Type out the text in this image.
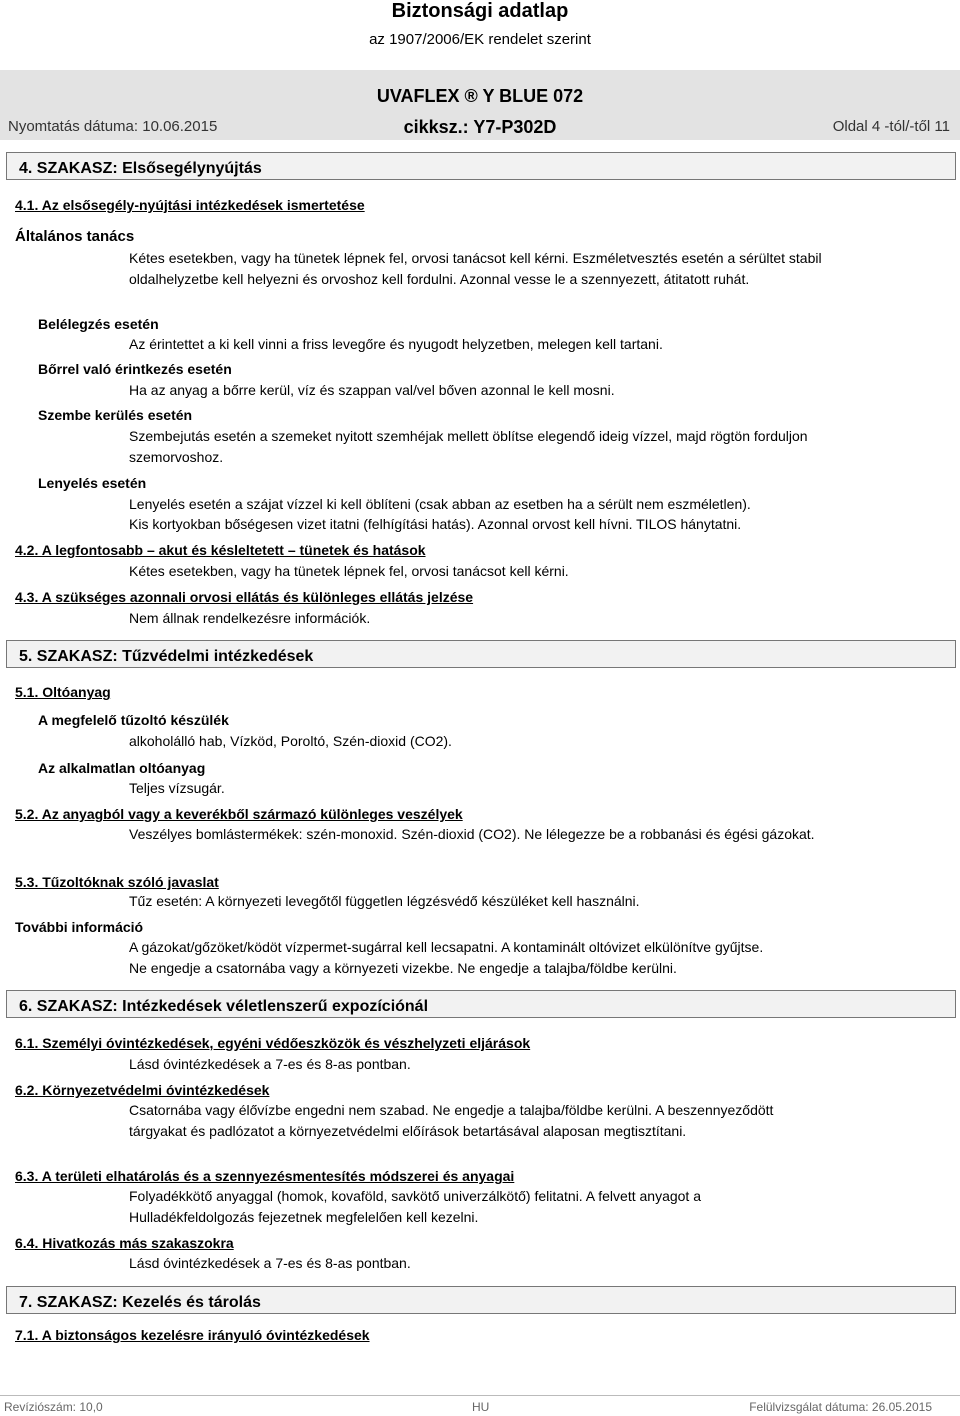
Biztonsági adatlap
az 1907/2006/EK rendelet szerint
UVAFLEX ® Y BLUE 072
Nyomtatás dátuma: 10.06.2015	cikksz.: Y7-P302D	Oldal 4 -tól/-től 11
4. SZAKASZ: Elsősegélynyújtás
4.1. Az elsősegély-nyújtási intézkedések ismertetése
Általános tanács
Kétes esetekben, vagy ha tünetek lépnek fel, orvosi tanácsot kell kérni. Eszméletvesztés esetén a sérültet stabil oldalhelyzetbe kell helyezni és orvoshoz kell fordulni. Azonnal vesse le a szennyezett, átitatott ruhát.
Belélegzés esetén
Az érintettet a ki kell vinni a friss levegőre és nyugodt helyzetben, melegen kell tartani.
Bőrrel való érintkezés esetén
Ha az anyag a bőrre kerül, víz és szappan val/vel bőven azonnal le kell mosni.
Szembe kerülés esetén
Szembejutás esetén a szemeket nyitott szemhéjak mellett öblítse elegendő ideig vízzel, majd rögtön forduljon szemorvoshoz.
Lenyelés esetén
Lenyelés esetén a szájat vízzel ki kell öblíteni (csak abban az esetben ha a sérült nem eszméletlen).
Kis kortyokban bőségesen vizet itatni (felhígítási hatás). Azonnal orvost kell hívni. TILOS hánytatni.
4.2. A legfontosabb – akut és késleltetett – tünetek és hatások
Kétes esetekben, vagy ha tünetek lépnek fel, orvosi tanácsot kell kérni.
4.3. A szükséges azonnali orvosi ellátás és különleges ellátás jelzése
Nem állnak rendelkezésre információk.
5. SZAKASZ: Tűzvédelmi intézkedések
5.1. Oltóanyag
A megfelelő tűzoltó készülék
alkoholálló hab, Vízköd, Poroltó, Szén-dioxid (CO2).
Az alkalmatlan oltóanyag
Teljes vízsugár.
5.2. Az anyagból vagy a keverékből származó különleges veszélyek
Veszélyes bomlástermékek: szén-monoxid. Szén-dioxid (CO2). Ne lélegezze be a robbanási és égési gázokat.
5.3. Tűzoltóknak szóló javaslat
Tűz esetén: A környezeti levegőtől független légzésvédő készüléket kell használni.
További információ
A gázokat/gőzöket/ködöt vízpermet-sugárral kell lecsapatni. A kontaminált oltóvizet elkülönítve gyűjtse.
Ne engedje a csatornába vagy a környezeti vizekbe. Ne engedje a talajba/földbe kerülni.
6. SZAKASZ: Intézkedések véletlenszerű expozíciónál
6.1. Személyi óvintézkedések, egyéni védőeszközök és vészhelyzeti eljárások
Lásd óvintézkedések a 7-es és 8-as pontban.
6.2. Környezetvédelmi óvintézkedések
Csatornába vagy élővízbe engedni nem szabad. Ne engedje a talajba/földbe kerülni. A beszennyeződött tárgyakat és padlózatot a környezetvédelmi előírások betartásával alaposan megtisztítani.
6.3. A területi elhatárolás és a szennyezésmentesítés módszerei és anyagai
Folyadékkötő anyaggal (homok, kovaföld, savkötő univerzálkötő) felitatni. A felvett anyagot a Hulladékfeldolgozás fejezetnek megfelelően kell kezelni.
6.4. Hivatkozás más szakaszokra
Lásd óvintézkedések a 7-es és 8-as pontban.
7. SZAKASZ: Kezelés és tárolás
7.1. A biztonságos kezelésre irányuló óvintézkedések
Revíziószám: 10,0	HU	Felülvizsgálat dátuma: 26.05.2015
